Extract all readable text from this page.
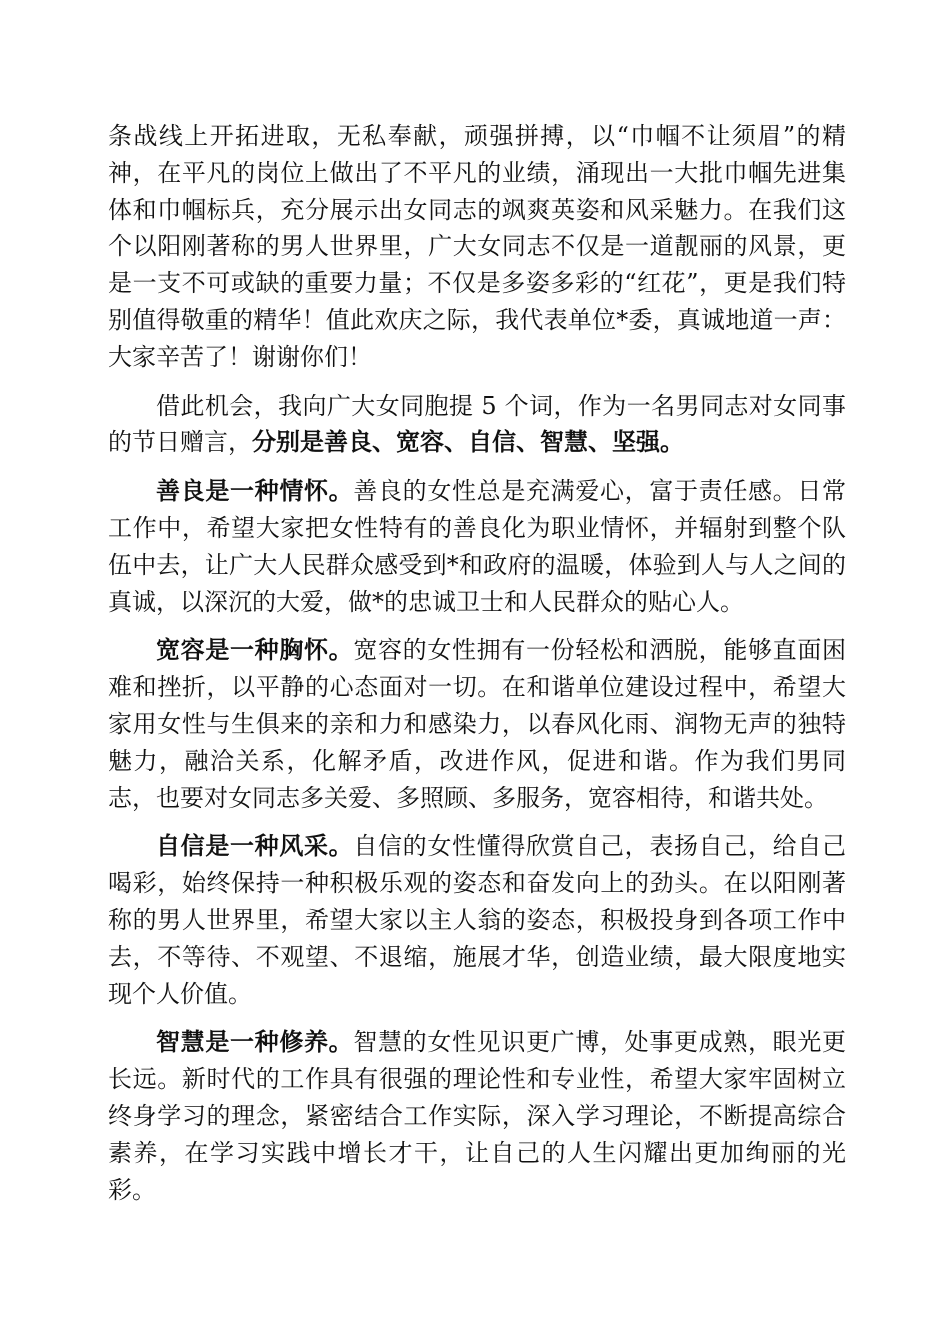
条战线上开拓进取，无私奉献，顽强拼搏，以“巾帼不让须眉”的精神，在平凡的岗位上做出了不平凡的业绩，涌现出一大批巾帼先进集体和巾帼标兵，充分展示出女同志的飒爽英姿和风采魅力。在我们这个以阳刚著称的男人世界里，广大女同志不仅是一道靓丽的风景，更是一支不可或缺的重要力量；不仅是多姿多彩的“红花”，更是我们特别值得敬重的精华！值此欢庆之际，我代表单位*委，真诚地道一声：大家辛苦了！谢谢你们！

借此机会，我向广大女同胞提 5 个词，作为一名男同志对女同事的节日赠言，分别是善良、宽容、自信、智慧、坚强。

善良是一种情怀。善良的女性总是充满爱心，富于责任感。日常工作中，希望大家把女性特有的善良化为职业情怀，并辐射到整个队伍中去，让广大人民群众感受到*和政府的温暖，体验到人与人之间的真诚，以深沉的大爱，做*的忠诚卫士和人民群众的贴心人。

宽容是一种胸怀。宽容的女性拥有一份轻松和洒脱，能够直面困难和挫折，以平静的心态面对一切。在和谐单位建设过程中，希望大家用女性与生俱来的亲和力和感染力，以春风化雨、润物无声的独特魅力，融洽关系，化解矛盾，改进作风，促进和谐。作为我们男同志，也要对女同志多关爱、多照顾、多服务，宽容相待，和谐共处。

自信是一种风采。自信的女性懂得欣赏自己，表扬自己，给自己喝彩，始终保持一种积极乐观的姿态和奋发向上的劲头。在以阳刚著称的男人世界里，希望大家以主人翁的姿态，积极投身到各项工作中去，不等待、不观望、不退缩，施展才华，创造业绩，最大限度地实现个人价值。

智慧是一种修养。智慧的女性见识更广博，处事更成熟，眼光更长远。新时代的工作具有很强的理论性和专业性，希望大家牢固树立终身学习的理念，紧密结合工作实际，深入学习理论，不断提高综合素养，在学习实践中增长才干，让自己的人生闪耀出更加绚丽的光彩。
